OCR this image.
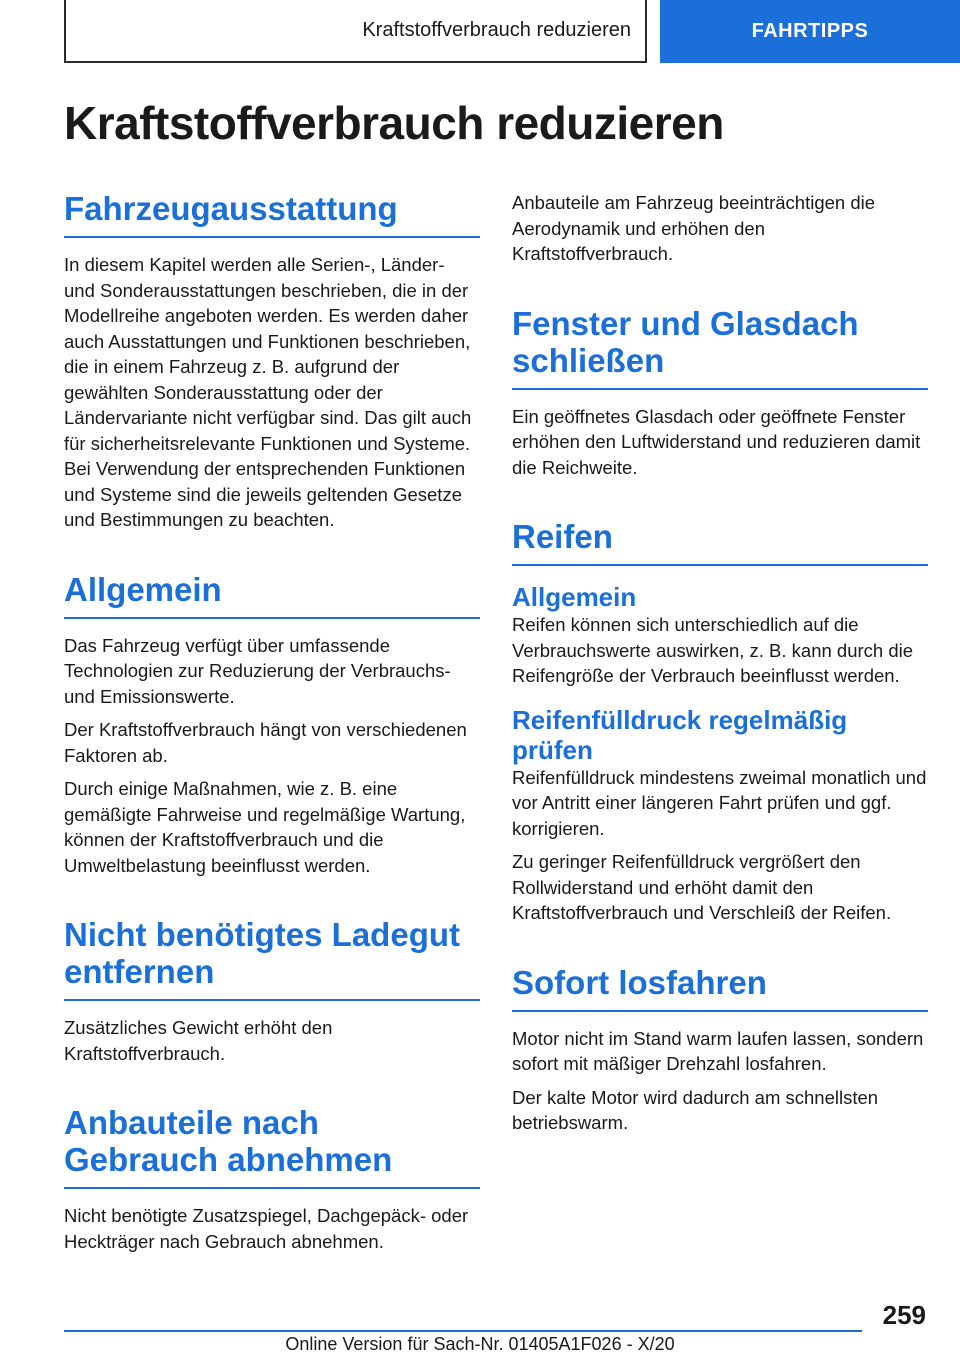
Kraftstoffverbrauch reduzieren	FAHRTIPPS
Kraftstoffverbrauch reduzieren
Fahrzeugausstattung

In diesem Kapitel werden alle Serien-, Länder- und Sonderausstattungen beschrieben, die in der Modellreihe angeboten werden. Es werden daher auch Ausstattungen und Funktionen beschrieben, die in einem Fahrzeug z. B. aufgrund der gewählten Sonderausstattung oder der Ländervariante nicht verfügbar sind. Das gilt auch für sicherheitsrelevante Funktionen und Systeme. Bei Verwendung der entsprechenden Funktionen und Systeme sind die jeweils geltenden Gesetze und Bestimmungen zu beachten.

Allgemein

Das Fahrzeug verfügt über umfassende Technologien zur Reduzierung der Verbrauchs- und Emissionswerte.

Der Kraftstoffverbrauch hängt von verschiedenen Faktoren ab.

Durch einige Maßnahmen, wie z. B. eine gemäßigte Fahrweise und regelmäßige Wartung, können der Kraftstoffverbrauch und die Umweltbelastung beeinflusst werden.

Nicht benötigtes Ladegut entfernen

Zusätzliches Gewicht erhöht den Kraftstoffverbrauch.

Anbauteile nach Gebrauch abnehmen

Nicht benötigte Zusatzspiegel, Dachgepäck- oder Heckträger nach Gebrauch abnehmen.

Anbauteile am Fahrzeug beeinträchtigen die Aerodynamik und erhöhen den Kraftstoffverbrauch.

Fenster und Glasdach schließen

Ein geöffnetes Glasdach oder geöffnete Fenster erhöhen den Luftwiderstand und reduzieren damit die Reichweite.

Reifen
Allgemein

Reifen können sich unterschiedlich auf die Verbrauchswerte auswirken, z. B. kann durch die Reifengröße der Verbrauch beeinflusst werden.

Reifenfülldruck regelmäßig prüfen

Reifenfülldruck mindestens zweimal monatlich und vor Antritt einer längeren Fahrt prüfen und ggf. korrigieren.

Zu geringer Reifenfülldruck vergrößert den Rollwiderstand und erhöht damit den Kraftstoffverbrauch und Verschleiß der Reifen.

Sofort losfahren

Motor nicht im Stand warm laufen lassen, sondern sofort mit mäßiger Drehzahl losfahren.

Der kalte Motor wird dadurch am schnellsten betriebswarm.

259
Online Version für Sach-Nr. 01405A1F026 - X/20
